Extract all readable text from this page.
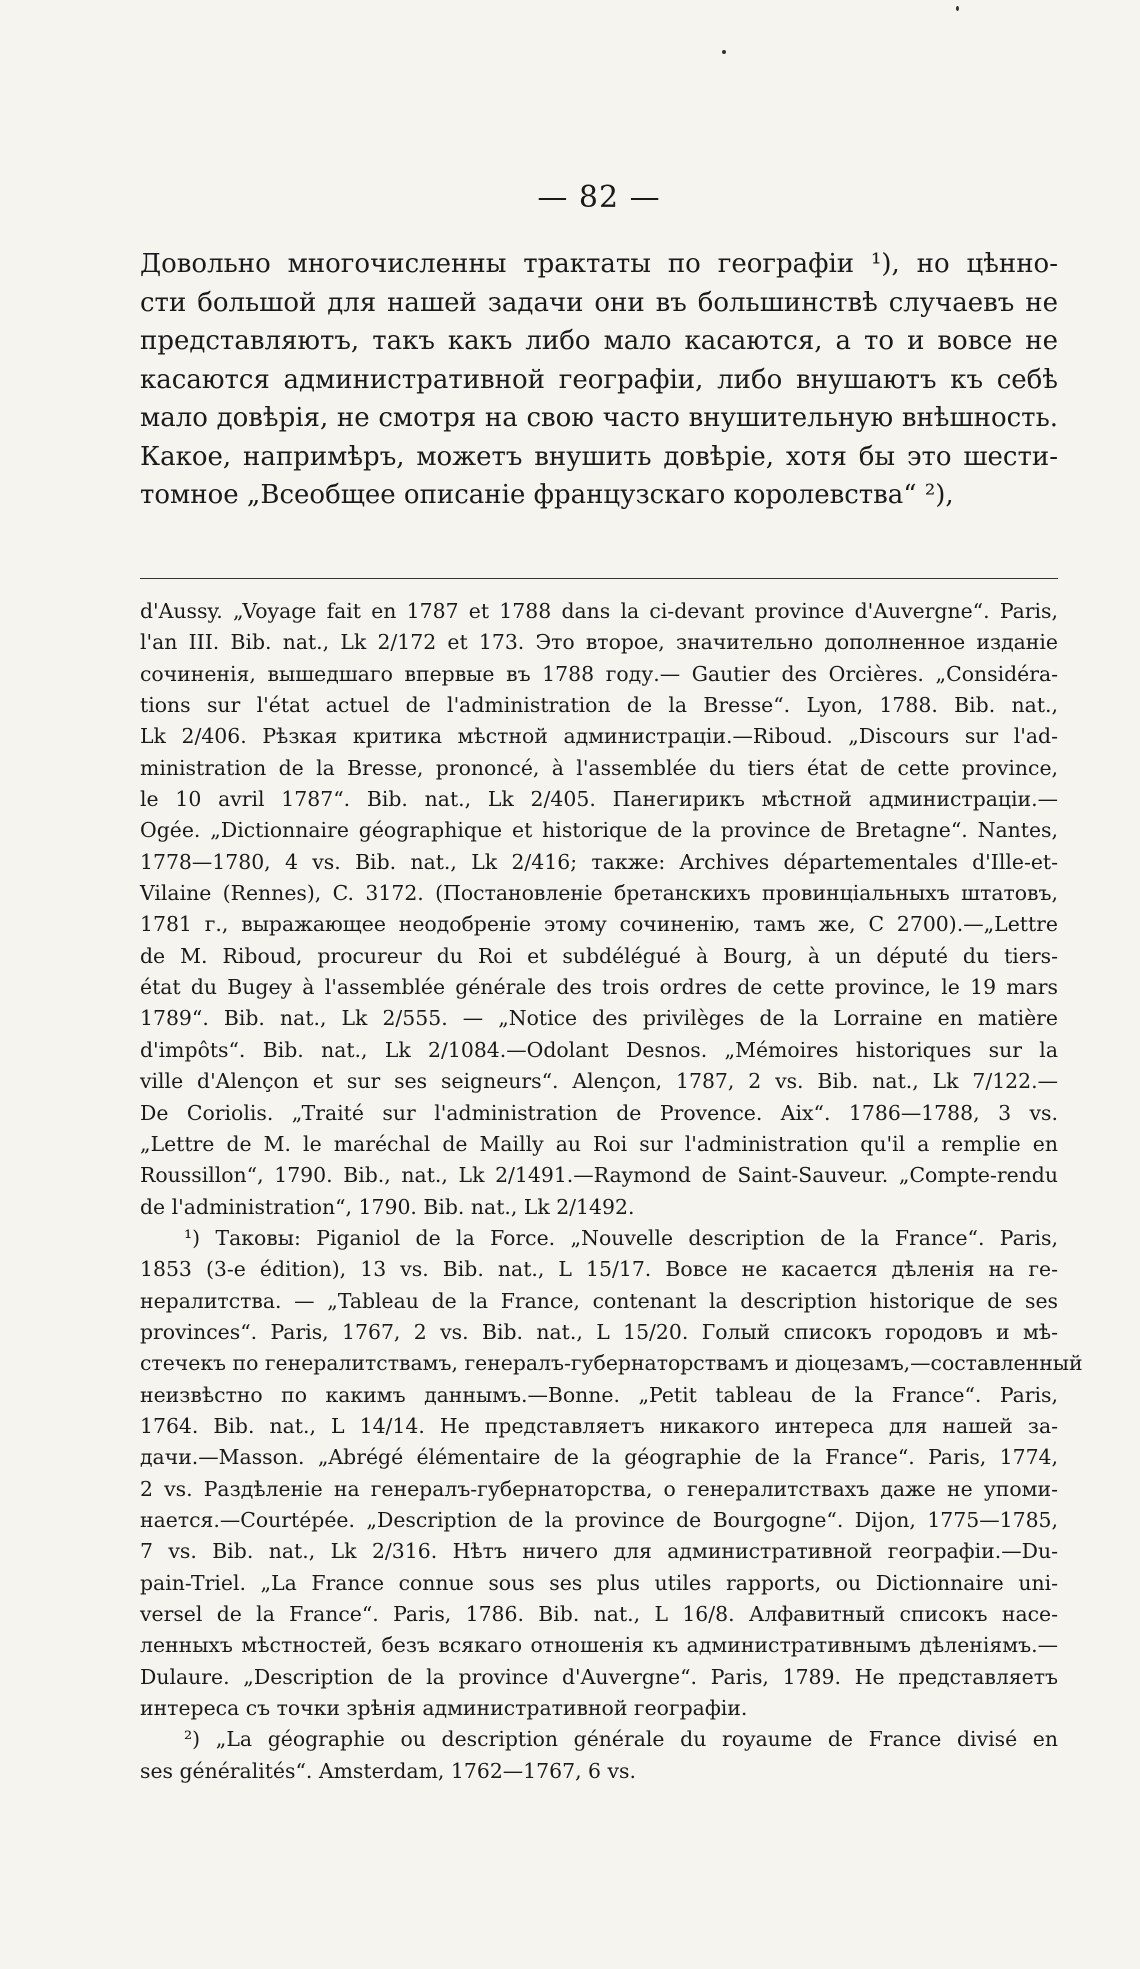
— 82 —
Довольно многочисленны трактаты по географіи ¹), но цѣнно-
сти большой для нашей задачи они въ большинствѣ случаевъ не
представляютъ, такъ какъ либо мало касаются, а то и вовсе не
касаются административной географіи, либо внушаютъ къ себѣ
мало довѣрія, не смотря на свою часто внушительную внѣшность.
Какое, напримѣръ, можетъ внушить довѣріе, хотя бы это шести-
томное „Всеобщее описаніе французскаго королевства“ ²),
d'Aussy. „Voyage fait en 1787 et 1788 dans la ci-devant province d'Auvergne“. Paris,
l'an III. Bib. nat., Lk 2/172 et 173. Это второе, значительно дополненное изданіе
сочиненія, вышедшаго впервые въ 1788 году.— Gautier des Orcières. „Considéra-
tions sur l'état actuel de l'administration de la Bresse“. Lyon, 1788. Bib. nat.,
Lk 2/406. Рѣзкая критика мѣстной администраціи.—Riboud. „Discours sur l'ad-
ministration de la Bresse, prononcé, à l'assemblée du tiers état de cette province,
le 10 avril 1787“. Bib. nat., Lk 2/405. Панегирикъ мѣстной администраціи.—
Ogée. „Dictionnaire géographique et historique de la province de Bretagne“. Nantes,
1778—1780, 4 vs. Bib. nat., Lk 2/416; также: Archives départementales d'Ille-et-
Vilaine (Rennes), C. 3172. (Постановленіе бретанскихъ провинціальныхъ штатовъ,
1781 г., выражающее неодобреніе этому сочиненію, тамъ же, C 2700).—„Lettre
de M. Riboud, procureur du Roi et subdélégué à Bourg, à un député du tiers-
état du Bugey à l'assemblée générale des trois ordres de cette province, le 19 mars
1789“. Bib. nat., Lk 2/555. — „Notice des privilèges de la Lorraine en matière
d'impôts“. Bib. nat., Lk 2/1084.—Odolant Desnos. „Mémoires historiques sur la
ville d'Alençon et sur ses seigneurs“. Alençon, 1787, 2 vs. Bib. nat., Lk 7/122.—
De Coriolis. „Traité sur l'administration de Provence. Aix“. 1786—1788, 3 vs.
„Lettre de M. le maréchal de Mailly au Roi sur l'administration qu'il a remplie en
Roussillon“, 1790. Bib., nat., Lk 2/1491.—Raymond de Saint-Sauveur. „Compte-rendu
de l'administration“, 1790. Bib. nat., Lk 2/1492.
¹) Таковы: Piganiol de la Force. „Nouvelle description de la France“. Paris,
1853 (3-e édition), 13 vs. Bib. nat., L 15/17. Вовсе не касается дѣленія на ге-
нералитства. — „Tableau de la France, contenant la description historique de ses
provinces“. Paris, 1767, 2 vs. Bib. nat., L 15/20. Голый списокъ городовъ и мѣ-
стечекъ по генералитствамъ, генералъ-губернаторствамъ и діоцезамъ,—составленный
неизвѣстно по какимъ даннымъ.—Bonne. „Petit tableau de la France“. Paris,
1764. Bib. nat., L 14/14. Не представляетъ никакого интереса для нашей за-
дачи.—Masson. „Abrégé élémentaire de la géographie de la France“. Paris, 1774,
2 vs. Раздѣленіе на генералъ-губернаторства, о генералитствахъ даже не упоми-
нается.—Courtépée. „Description de la province de Bourgogne“. Dijon, 1775—1785,
7 vs. Bib. nat., Lk 2/316. Нѣтъ ничего для административной географіи.—Du-
pain-Triel. „La France connue sous ses plus utiles rapports, ou Dictionnaire uni-
versel de la France“. Paris, 1786. Bib. nat., L 16/8. Алфавитный списокъ насе-
ленныхъ мѣстностей, безъ всякаго отношенія къ административнымъ дѣленіямъ.—
Dulaure. „Description de la province d'Auvergne“. Paris, 1789. Не представляетъ
интереса съ точки зрѣнія административной географіи.
²) „La géographie ou description générale du royaume de France divisé en
ses généralités“. Amsterdam, 1762—1767, 6 vs.
